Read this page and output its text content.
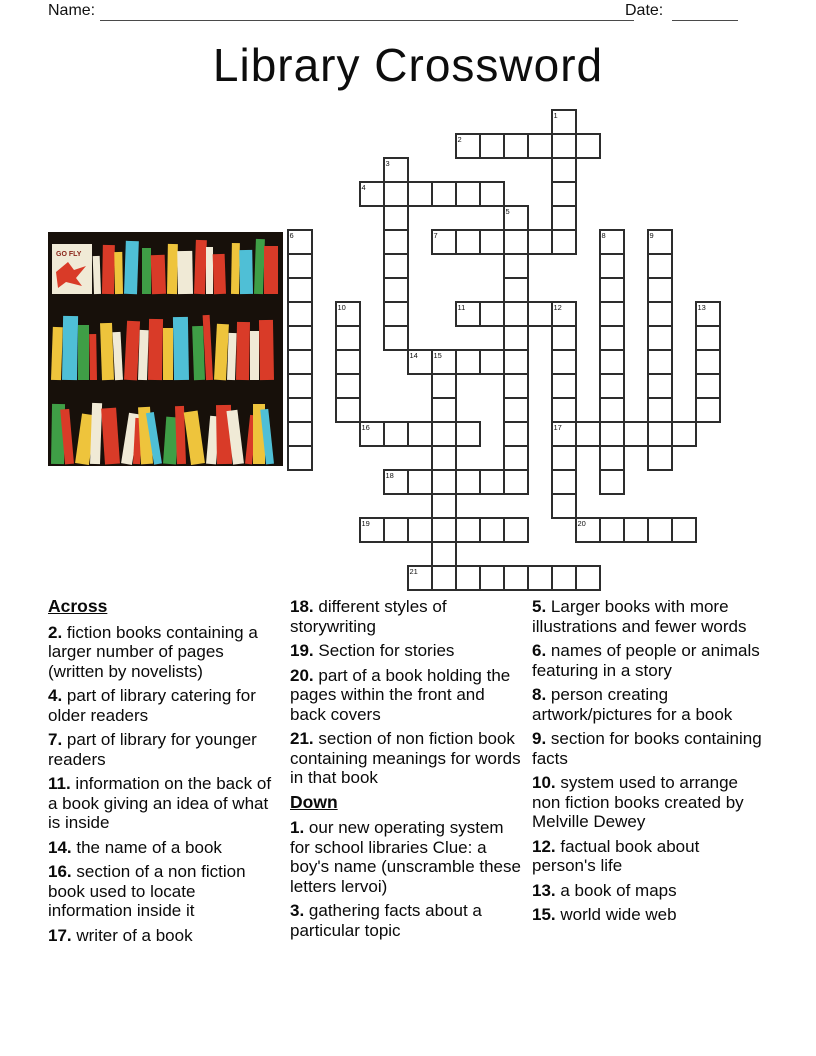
Name:	Date:
Library Crossword
GO FLY
2
4
7
11	12
14 15
16	17
18
19	20
21
1
3
5
6	8	9
10	13
Across

2. fiction books containing a larger number of pages (written by novelists)

4. part of library catering for older readers

7. part of library for younger readers

11. information on the back of a book giving an idea of what is inside

14. the name of a book

16. section of a non fiction book used to locate information inside it

17. writer of a book

18. different styles of storywriting

19. Section for stories

20. part of a book holding the pages within the front and back covers

21. section of non fiction book containing meanings for words in that book

Down

1. our new operating system for school libraries Clue: a boy's name (unscramble these letters lervoi)

3. gathering facts about a particular topic

5. Larger books with more illustrations and fewer words

6. names of people or animals featuring in a story

8. person creating artwork/pictures for a book

9. section for books containing facts

10. system used to arrange non fiction books created by Melville Dewey

12. factual book about person's life

13. a book of maps

15. world wide web
